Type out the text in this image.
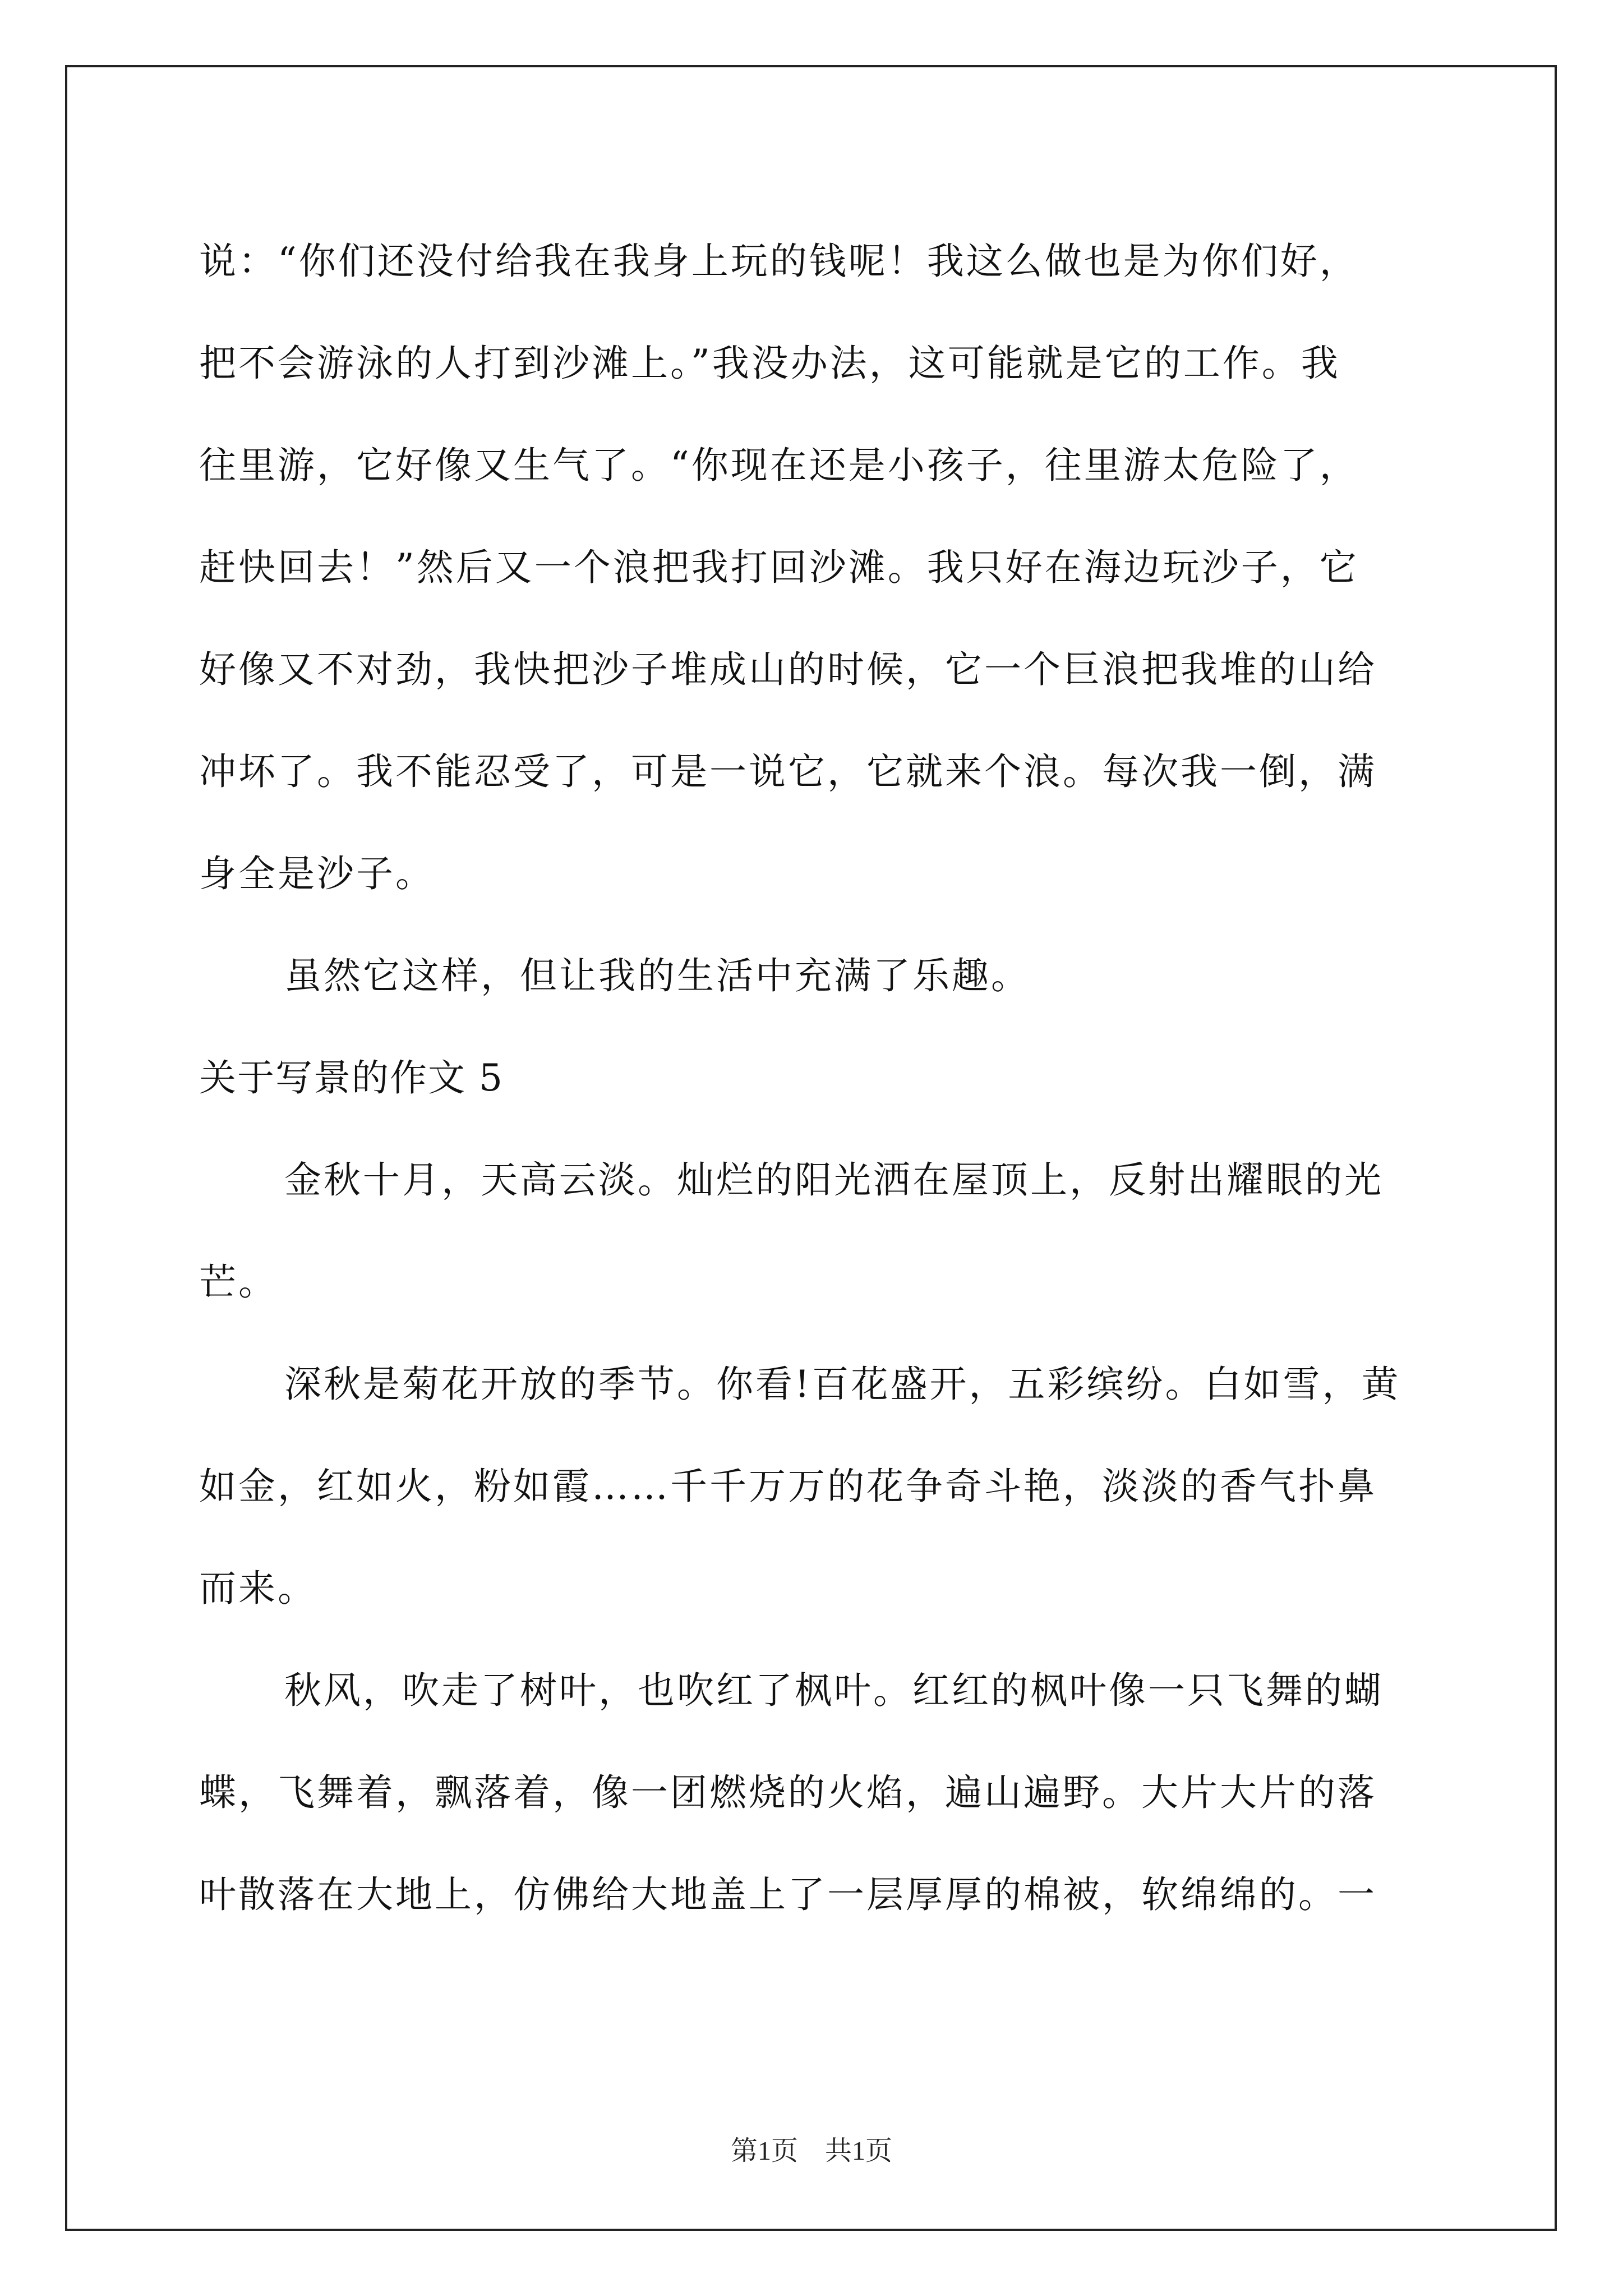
说：“你们还没付给我在我身上玩的钱呢！我这么做也是为你们好，
把不会游泳的人打到沙滩上。”我没办法，这可能就是它的工作。我
往里游，它好像又生气了。“你现在还是小孩子，往里游太危险了，
赶快回去！”然后又一个浪把我打回沙滩。我只好在海边玩沙子，它
好像又不对劲，我快把沙子堆成山的时候，它一个巨浪把我堆的山给
冲坏了。我不能忍受了，可是一说它，它就来个浪。每次我一倒，满
身全是沙子。
虽然它这样，但让我的生活中充满了乐趣。
关于写景的作文 5
金秋十月，天高云淡。灿烂的阳光洒在屋顶上，反射出耀眼的光
芒。
深秋是菊花开放的季节。你看!百花盛开，五彩缤纷。白如雪，黄
如金，红如火，粉如霞……千千万万的花争奇斗艳，淡淡的香气扑鼻
而来。
秋风，吹走了树叶，也吹红了枫叶。红红的枫叶像一只飞舞的蝴
蝶，飞舞着，飘落着，像一团燃烧的火焰，遍山遍野。大片大片的落
叶散落在大地上，仿佛给大地盖上了一层厚厚的棉被，软绵绵的。一
第1页　共1页
